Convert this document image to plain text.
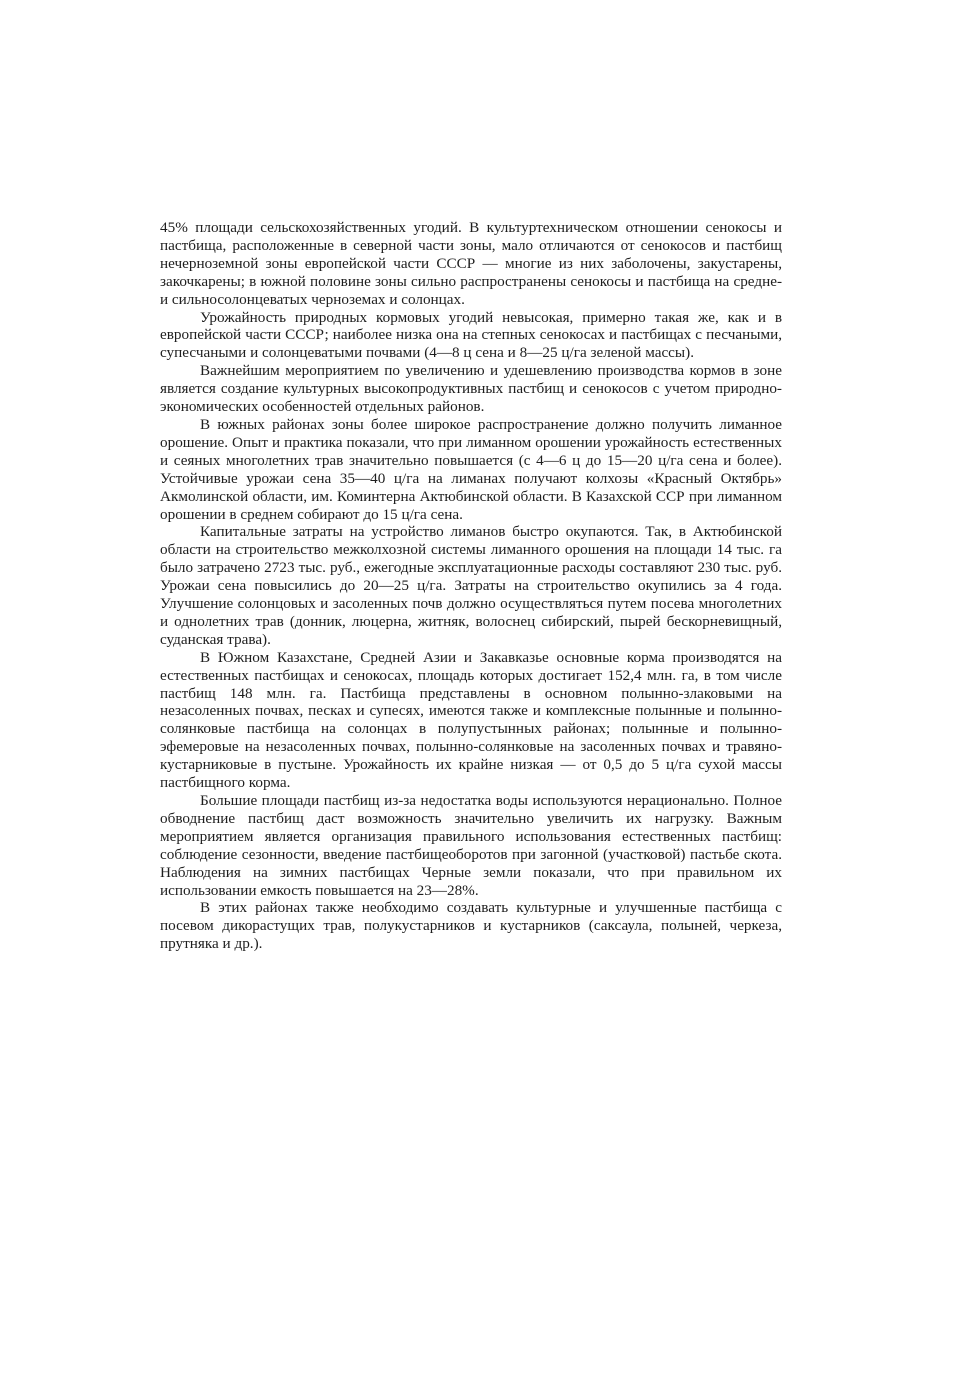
45% площади сельскохозяйственных угодий. В культуртехническом отношении сенокосы и пастбища, расположенные в северной части зоны, мало отличаются от сенокосов и пастбищ нечерноземной зоны европейской части СССР — многие из них заболочены, закустарены, закочкарены; в южной половине зоны сильно распространены сенокосы и пастбища на средне- и сильносолонцеватых черноземах и солонцах.

Урожайность природных кормовых угодий невысокая, примерно такая же, как и в европейской части СССР; наиболее низка она на степных сенокосах и пастбищах с песчаными, супесчаными и солонцеватыми почвами (4—8 ц сена и 8—25 ц/га зеленой массы).

Важнейшим мероприятием по увеличению и удешевлению производства кормов в зоне является создание культурных высокопродуктивных пастбищ и сенокосов с учетом природно-экономических особенностей отдельных районов.

В южных районах зоны более широкое распространение должно получить лиманное орошение. Опыт и практика показали, что при лиманном орошении урожайность естественных и сеяных многолетних трав значительно повышается (с 4—6 ц до 15—20 ц/га сена и более). Устойчивые урожаи сена 35—40 ц/га на лиманах получают колхозы «Красный Октябрь» Акмолинской области, им. Коминтерна Актюбинской области. В Казахской ССР при лиманном орошении в среднем собирают до 15 ц/га сена.

Капитальные затраты на устройство лиманов быстро окупаются. Так, в Актюбинской области на строительство межколхозной системы лиманного орошения на площади 14 тыс. га было затрачено 2723 тыс. руб., ежегодные эксплуатационные расходы составляют 230 тыс. руб. Урожаи сена повысились до 20—25 ц/га. Затраты на строительство окупились за 4 года. Улучшение солонцовых и засоленных почв должно осуществляться путем посева многолетних и однолетних трав (донник, люцерна, житняк, волоснец сибирский, пырей бескорневищный, суданская трава).

В Южном Казахстане, Средней Азии и Закавказье основные корма производятся на естественных пастбищах и сенокосах, площадь которых достигает 152,4 млн. га, в том числе пастбищ 148 млн. га. Пастбища представлены в основном полынно-злаковыми на незасоленных почвах, песках и супесях, имеются также и комплексные полынные и полынно-солянковые пастбища на солонцах в полупустынных районах; полынные и полынно-эфемеровые на незасоленных почвах, полынно-солянковые на засоленных почвах и травяно-кустарниковые в пустыне. Урожайность их крайне низкая — от 0,5 до 5 ц/га сухой массы пастбищного корма.

Большие площади пастбищ из-за недостатка воды используются нерационально. Полное обводнение пастбищ даст возможность значительно увеличить их нагрузку. Важным мероприятием является организация правильного использования естественных пастбищ: соблюдение сезонности, введение пастбищеоборотов при загонной (участковой) пастьбе скота. Наблюдения на зимних пастбищах Черные земли показали, что при правильном их использовании емкость повышается на 23—28%.

В этих районах также необходимо создавать культурные и улучшенные пастбища с посевом дикорастущих трав, полукустарников и кустарников (саксаула, полыней, черкеза, прутняка и др.).
